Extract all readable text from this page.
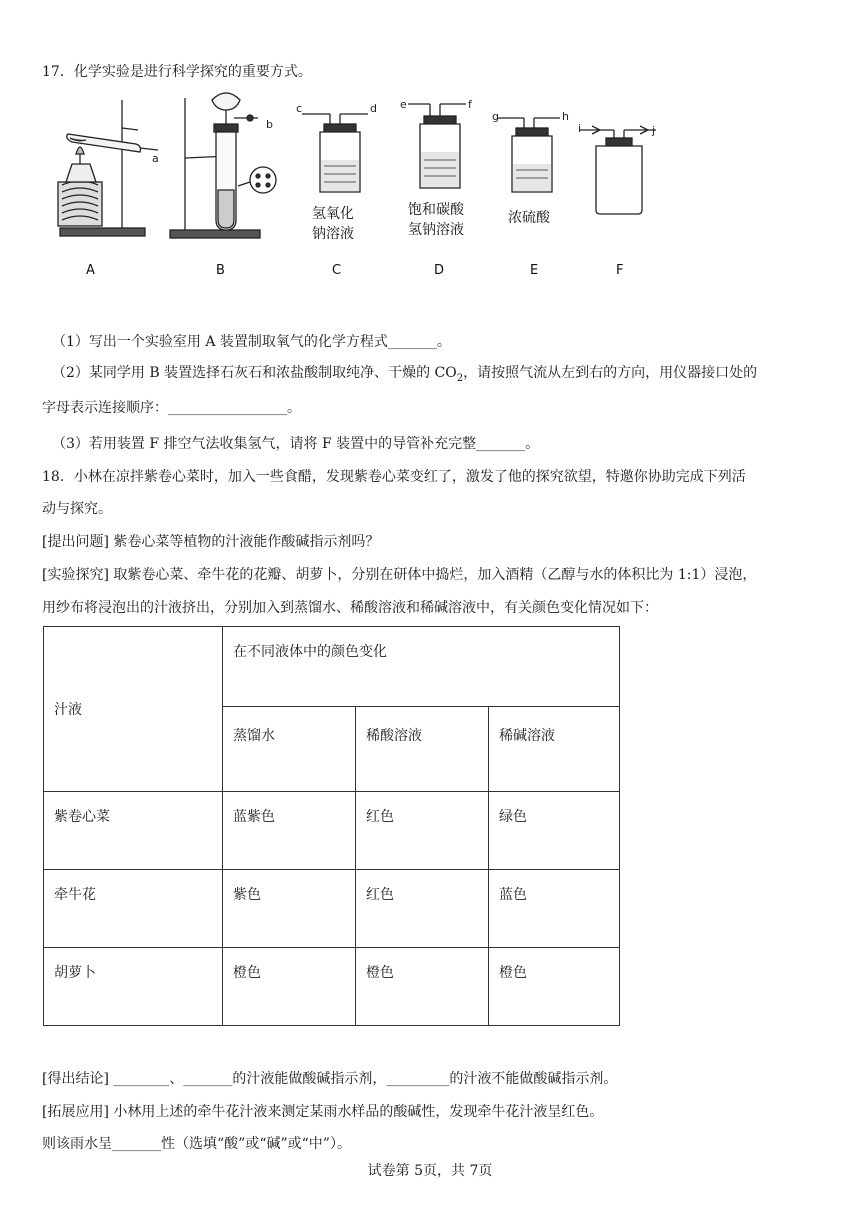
17．化学实验是进行科学探究的重要方式。
a
b
c	d e	f
g	h
i	j
氢氧化
钠溶液
饱和碳酸
氢钠溶液
浓硫酸
A	B	C	D	E	F
（1）写出一个实验室用 A 装置制取氧气的化学方程式_______。
（2）某同学用 B 装置选择石灰石和浓盐酸制取纯净、干燥的 $CO_2$，请按照气流从左到右的方向，用仪器接口处的
字母表示连接顺序：_________________。
（3）若用装置 F 排空气法收集氢气，请将 F 装置中的导管补充完整_______。
18．小林在凉拌紫卷心菜时，加入一些食醋，发现紫卷心菜变红了，激发了他的探究欲望，特邀你协助完成下列活
动与探究。
[提出问题] 紫卷心菜等植物的汁液能作酸碱指示剂吗？
[实验探究] 取紫卷心菜、牵牛花的花瓣、胡萝卜，分别在研体中捣烂，加入酒精（乙醇与水的体积比为 1:1）浸泡，
用纱布将浸泡出的汁液挤出，分别加入到蒸馏水、稀酸溶液和稀碱溶液中，有关颜色变化情况如下：
汁液	在不同液体中的颜色变化		
	蒸馏水	稀酸溶液	稀碱溶液
紫卷心菜	蓝紫色	红色	绿色
牵牛花	紫色	红色	蓝色
胡萝卜	橙色	橙色	橙色
[得出结论] ________、_______的汁液能做酸碱指示剂，_________的汁液不能做酸碱指示剂。
[拓展应用] 小林用上述的牵牛花汁液来测定某雨水样品的酸碱性，发现牵牛花汁液呈红色。
则该雨水呈_______性（选填“酸”或“碱”或“中”）。
试卷第 5页，共 7页
